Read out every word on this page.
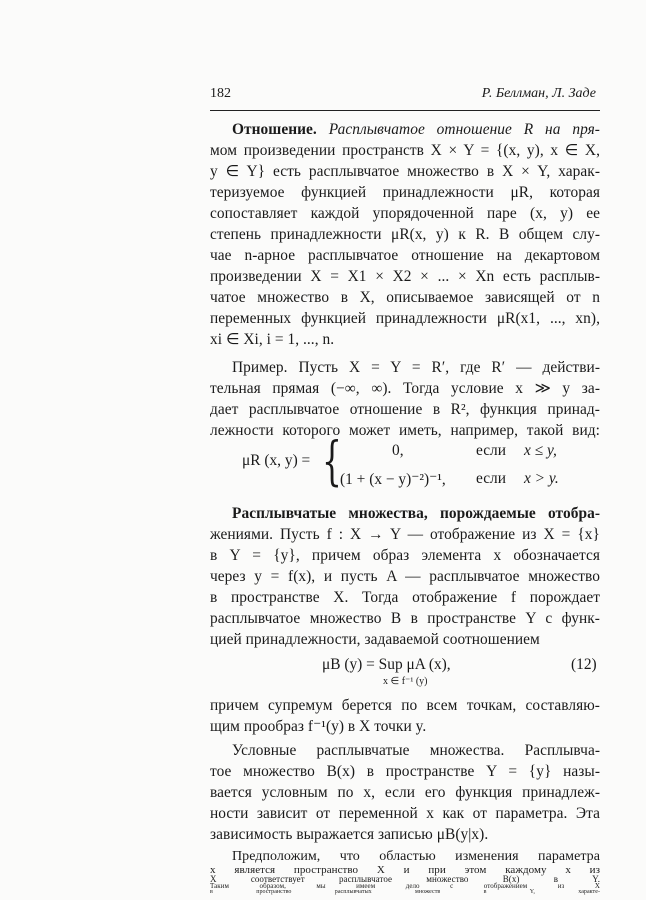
182	Р. Беллман, Л. Заде
Отношение. Расплывчатое отношение R на пря-
мом произведении пространств X × Y = {(x, y), x ∈ X,
y ∈ Y} есть расплывчатое множество в X × Y, харак-
теризуемое функцией принадлежности μR, которая
сопоставляет каждой упорядоченной паре (x, y) ее
степень принадлежности μR(x, y) к R. В общем слу-
чае n-арное расплывчатое отношение на декартовом
произведении X = X1 × X2 × ... × Xn есть расплыв-
чатое множество в X, описываемое зависящей от n
переменных функцией принадлежности μR(x1, ..., xn),
xi ∈ Xi, i = 1, ..., n.
Пример. Пусть X = Y = R′, где R′ — действи-
тельная прямая (−∞, ∞). Тогда условие x ≫ y за-
дает расплывчатое отношение в R², функция принад-
лежности которого может иметь, например, такой вид:
μR (x, y) = {	0,	если x ≤ y,
(1 + (x − y)⁻²)⁻¹, если x > y.
Расплывчатые множества, порождаемые отобра-
жениями. Пусть f : X → Y — отображение из X = {x}
в Y = {y}, причем образ элемента x обозначается
через y = f(x), и пусть A — расплывчатое множество
в пространстве X. Тогда отображение f порождает
расплывчатое множество B в пространстве Y с функ-
цией принадлежности, задаваемой соотношением
μB (y) = Sup μA (x),
x ∈ f⁻¹ (y)
(12)
причем супремум берется по всем точкам, составляю-
щим прообраз f⁻¹(y) в X точки y.
Условные расплывчатые множества. Расплывча-
тое множество B(x) в пространстве Y = {y} назы-
вается условным по x, если его функция принадлеж-
ности зависит от переменной x как от параметра. Эта
зависимость выражается записью μB(y|x).
Предположим, что областью изменения параметра
x является пространство X и при этом каждому x из
X соответствует расплывчатое множество B(x) в Y.
Таким образом, мы имеем дело с отображением из X
в пространство расплывчатых множеств в Y, характе-
